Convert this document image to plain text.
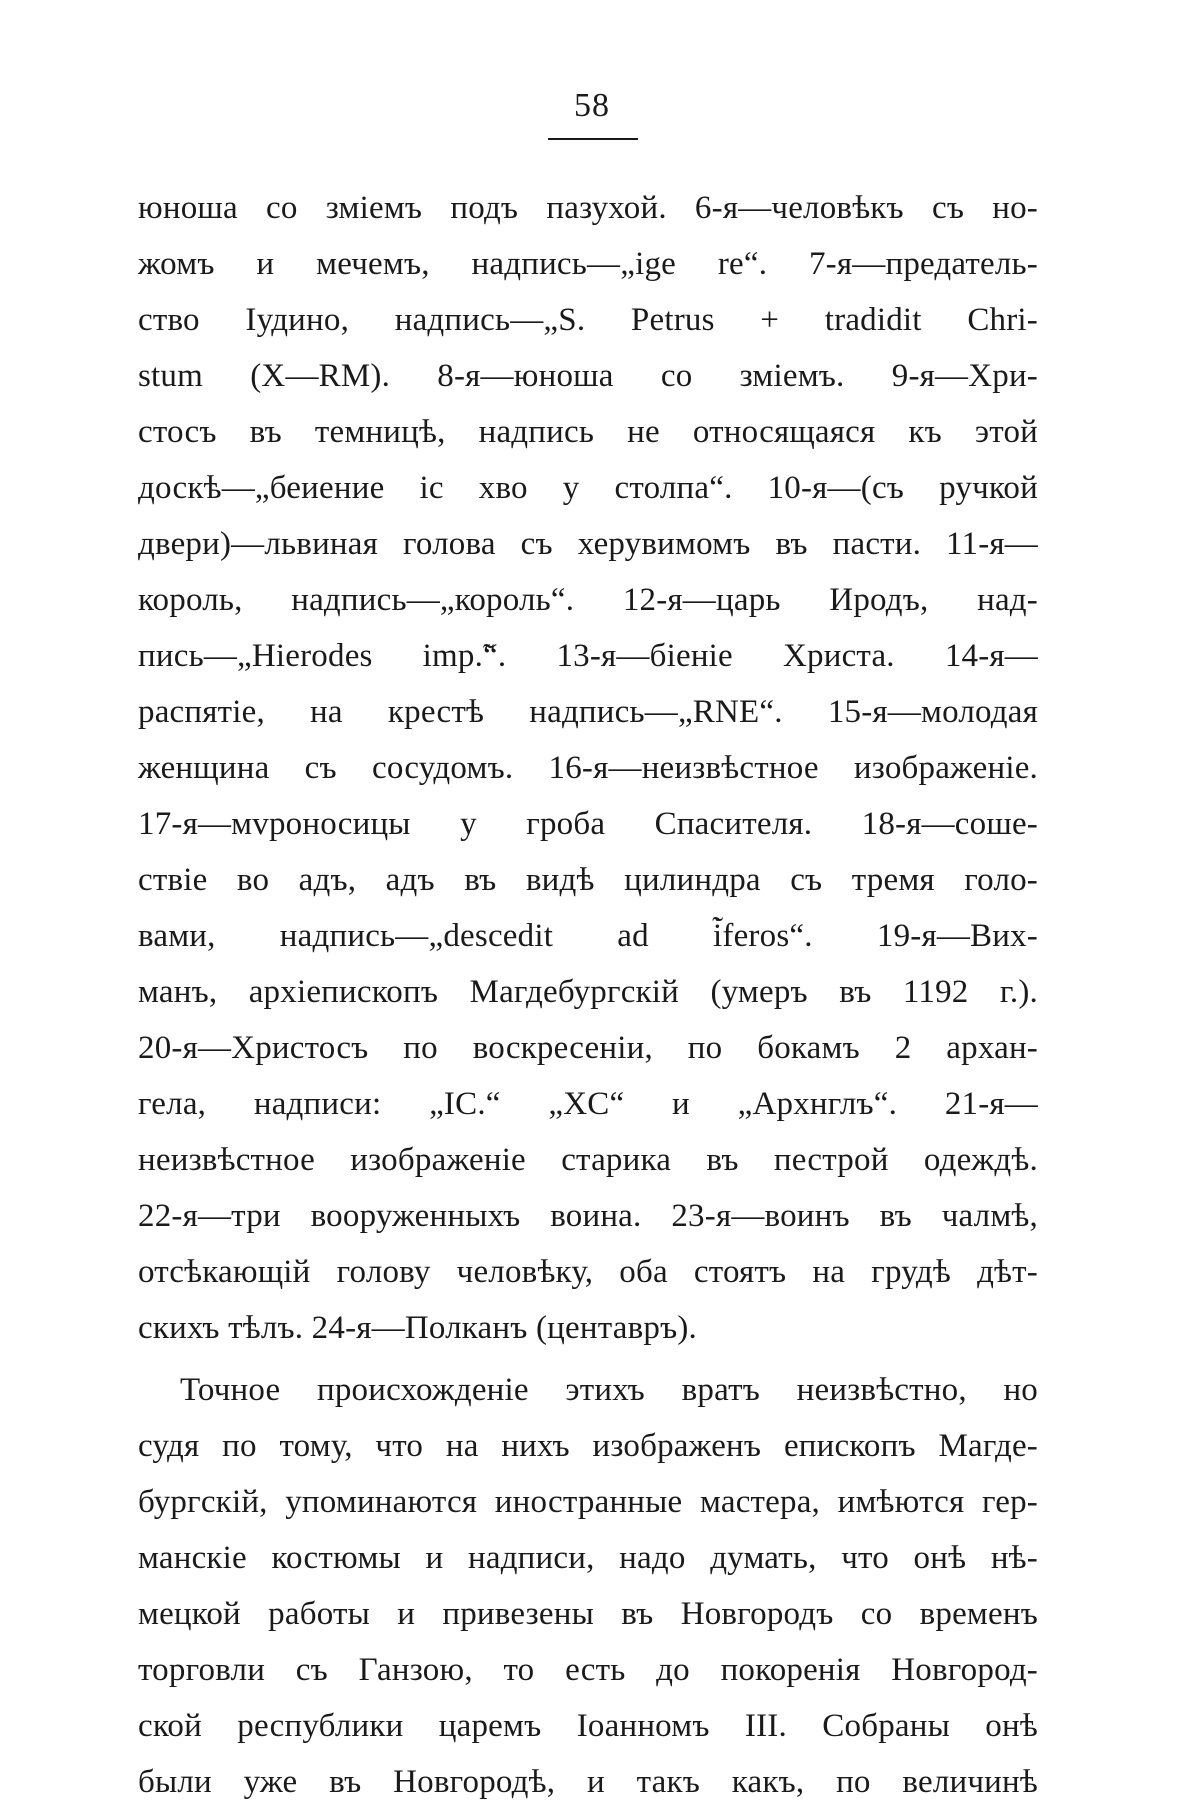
58
юноша со зміемъ подъ пазухой. 6-я—человѣкъ съ но-
жомъ и мечемъ, надпись—„ige re“. 7-я—предатель-
ство Іудино, надпись—„S. Petrus + tradidit Chri-
stum (X—RM). 8-я—юноша со зміемъ. 9-я—Хри-
стосъ въ темницѣ, надпись не относящаяся къ этой
доскѣ—„беиение іс хво у столпа“. 10-я—(съ ручкой
двери)—львиная голова съ херувимомъ въ пасти. 11-я—
король, надпись—„король“. 12-я—царь Иродъ, над-
пись—„Hierodes imp.̃“. 13-я—біеніе Христа. 14-я—
распятіе, на крестѣ надпись—„RNE“. 15-я—молодая
женщина съ сосудомъ. 16-я—неизвѣстное изображеніе.
17-я—мvроносицы у гроба Спасителя. 18-я—соше-
ствіе во адъ, адъ въ видѣ цилиндра съ тремя голо-
вами, надпись—„descedit ad i̇̃feros“. 19-я—Вих-
манъ, архіепископъ Магдебургскій (умеръ въ 1192 г.).
20-я—Христосъ по воскресеніи, по бокамъ 2 архан-
гела, надписи: „IC.“ „XC“ и „Архнглъ“. 21-я—
неизвѣстное изображеніе старика въ пестрой одеждѣ.
22-я—три вооруженныхъ воина. 23-я—воинъ въ чалмѣ,
отсѣкающій голову человѣку, оба стоятъ на грудѣ дѣт-
скихъ тѣлъ. 24-я—Полканъ (центавръ).
Точное происхожденіе этихъ вратъ неизвѣстно, но
судя по тому, что на нихъ изображенъ епископъ Магде-
бургскій, упоминаются иностранные мастера, имѣются гер-
манскіе костюмы и надписи, надо думать, что онѣ нѣ-
мецкой работы и привезены въ Новгородъ со временъ
торговли съ Ганзою, то есть до покоренія Новгород-
ской республики царемъ Іоанномъ III. Собраны онѣ
были уже въ Новгородѣ, и такъ какъ, по величинѣ
